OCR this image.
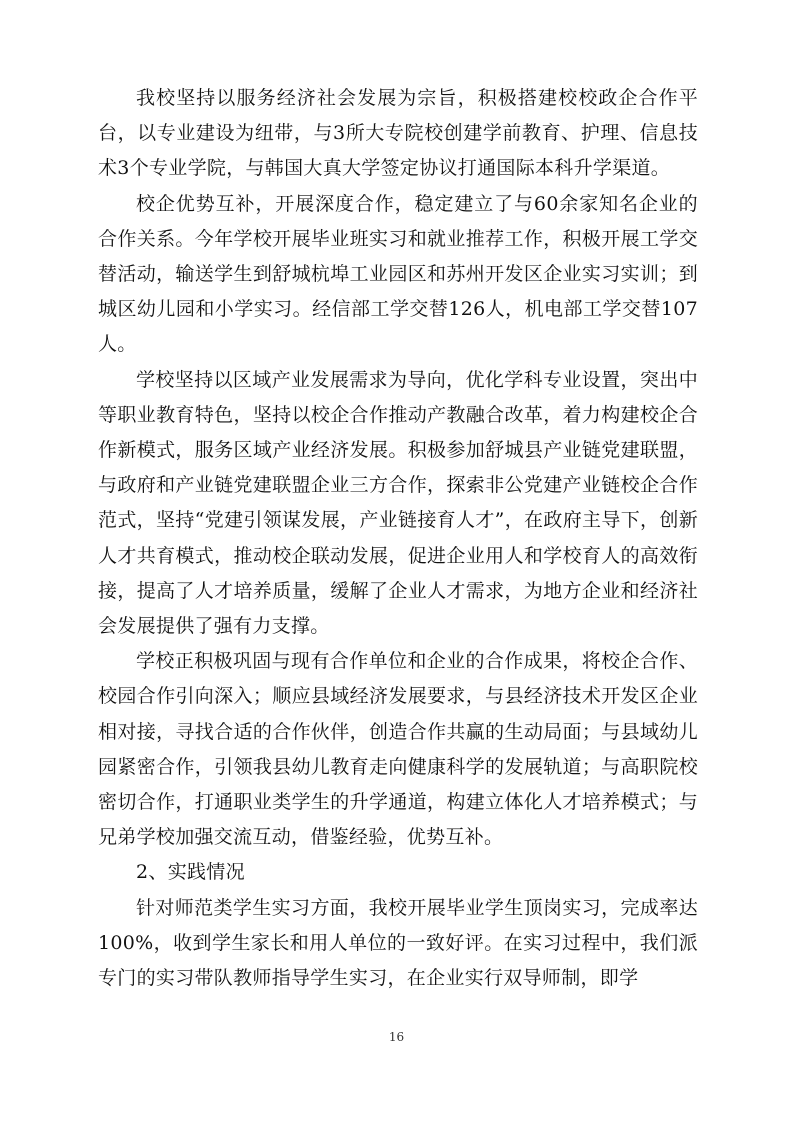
我校坚持以服务经济社会发展为宗旨，积极搭建校校政企合作平台，以专业建设为纽带，与3所大专院校创建学前教育、护理、信息技术3个专业学院，与韩国大真大学签定协议打通国际本科升学渠道。

校企优势互补，开展深度合作，稳定建立了与60余家知名企业的合作关系。今年学校开展毕业班实习和就业推荐工作，积极开展工学交替活动，输送学生到舒城杭埠工业园区和苏州开发区企业实习实训；到城区幼儿园和小学实习。经信部工学交替126人，机电部工学交替107人。

学校坚持以区域产业发展需求为导向，优化学科专业设置，突出中等职业教育特色，坚持以校企合作推动产教融合改革，着力构建校企合作新模式，服务区域产业经济发展。积极参加舒城县产业链党建联盟，与政府和产业链党建联盟企业三方合作，探索非公党建产业链校企合作范式，坚持“党建引领谋发展，产业链接育人才”，在政府主导下，创新人才共育模式，推动校企联动发展，促进企业用人和学校育人的高效衔接，提高了人才培养质量，缓解了企业人才需求，为地方企业和经济社会发展提供了强有力支撑。

学校正积极巩固与现有合作单位和企业的合作成果，将校企合作、校园合作引向深入；顺应县域经济发展要求，与县经济技术开发区企业相对接，寻找合适的合作伙伴，创造合作共赢的生动局面；与县域幼儿园紧密合作，引领我县幼儿教育走向健康科学的发展轨道；与高职院校密切合作，打通职业类学生的升学通道，构建立体化人才培养模式；与兄弟学校加强交流互动，借鉴经验，优势互补。

2、实践情况

针对师范类学生实习方面，我校开展毕业学生顶岗实习，完成率达100%，收到学生家长和用人单位的一致好评。在实习过程中，我们派专门的实习带队教师指导学生实习，在企业实行双导师制，即学

16
